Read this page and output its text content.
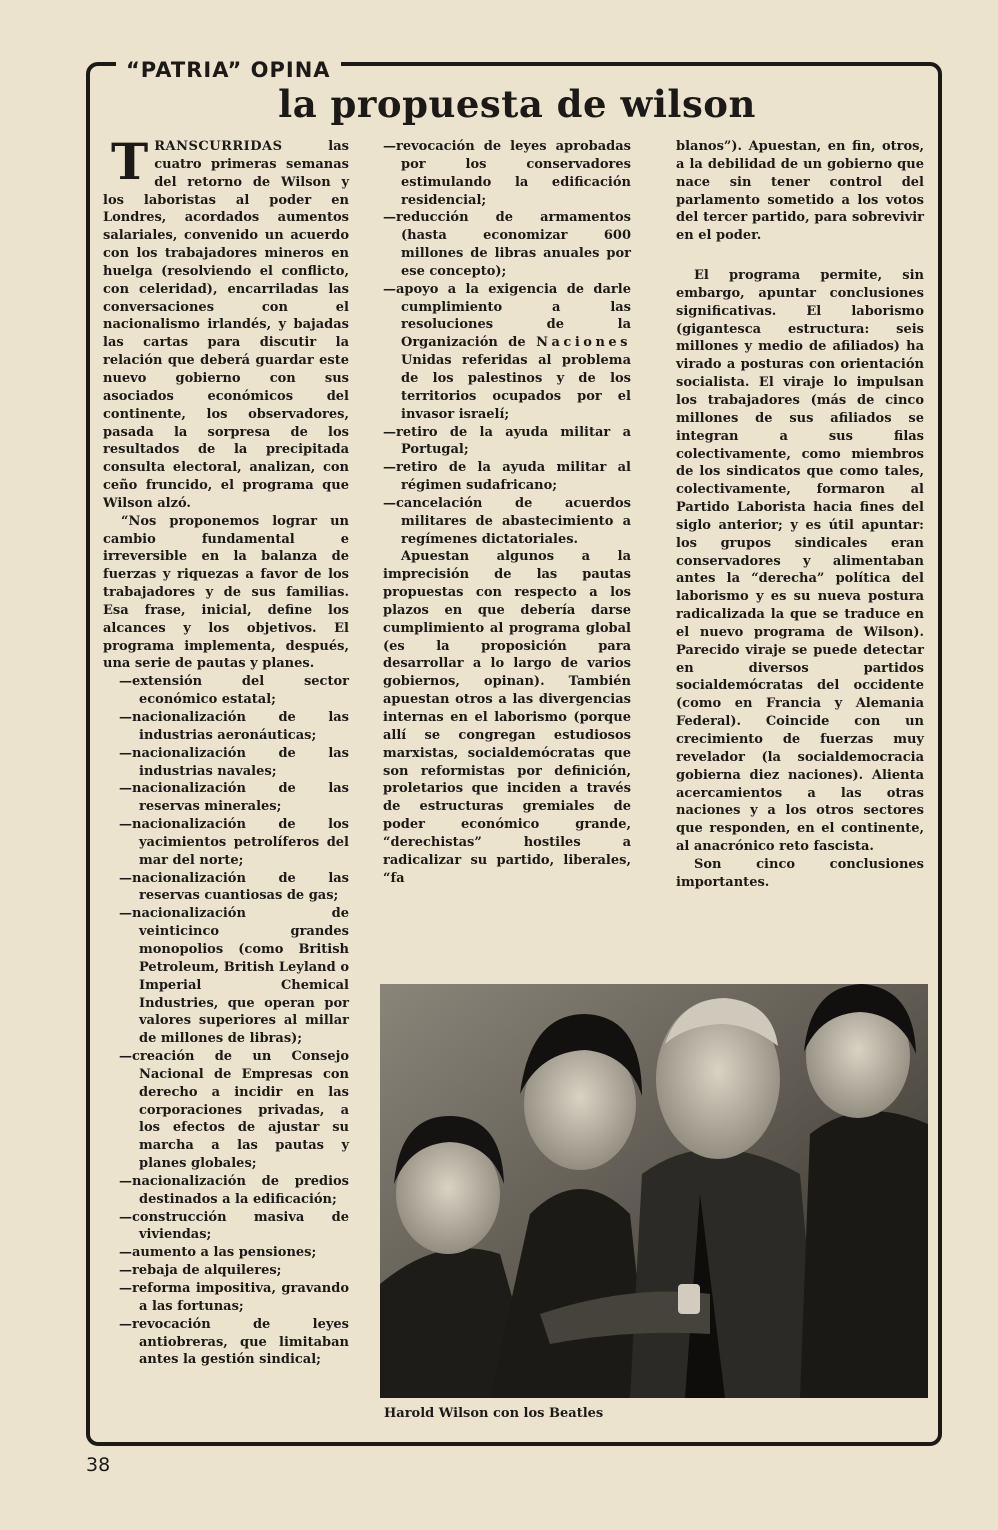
“PATRIA” OPINA
la propuesta de wilson

TRANSCURRIDAS las cuatro primeras semanas del retorno de Wilson y los laboristas al poder en Londres, acordados aumentos salariales, convenido un acuerdo con los trabajadores mineros en huelga (resolviendo el conflicto, con celeridad), encarriladas las conversaciones con el nacionalismo irlandés, y bajadas las cartas para discutir la relación que deberá guardar este nuevo gobierno con sus asociados económicos del continente, los observadores, pasada la sorpresa de los resultados de la precipitada consulta electoral, analizan, con ceño fruncido, el programa que Wilson alzó.

“Nos proponemos lograr un cambio fundamental e irreversible en la balanza de fuerzas y riquezas a favor de los trabajadores y de sus familias. Esa frase, inicial, define los alcances y los objetivos. El programa implementa, después, una serie de pautas y planes.

—extensión del sector económico estatal;
—nacionalización de las industrias aeronáuticas;
—nacionalización de las industrias navales;
—nacionalización de las reservas minerales;
—nacionalización de los yacimientos petrolíferos del mar del norte;
—nacionalización de las reservas cuantiosas de gas;
—nacionalización de veinticinco grandes monopolios (como British Petroleum, British Leyland o Imperial Chemical Industries, que operan por valores superiores al millar de millones de libras);
—creación de un Consejo Nacional de Empresas con derecho a incidir en las corporaciones privadas, a los efectos de ajustar su marcha a las pautas y planes globales;
—nacionalización de predios destinados a la edificación;
—construcción masiva de viviendas;
—aumento a las pensiones;
—rebaja de alquileres;
—reforma impositiva, gravando a las fortunas;
—revocación de leyes antiobreras, que limitaban antes la gestión sindical;
—revocación de leyes aprobadas por los conservadores estimulando la edificación residencial;
—reducción de armamentos (hasta economizar 600 millones de libras anuales por ese concepto);
—apoyo a la exigencia de darle cumplimiento a las resoluciones de la Organización de Naciones Unidas referidas al problema de los palestinos y de los territorios ocupados por el invasor israelí;
—retiro de la ayuda militar a Portugal;
—retiro de la ayuda militar al régimen sudafricano;
—cancelación de acuerdos militares de abastecimiento a regímenes dictatoriales.

Apuestan algunos a la imprecisión de las pautas propuestas con respecto a los plazos en que debería darse cumplimiento al programa global (es la proposición para desarrollar a lo largo de varios gobiernos, opinan). También apuestan otros a las divergencias internas en el laborismo (porque allí se congregan estudiosos marxistas, socialdemócratas que son reformistas por definición, proletarios que inciden a través de estructuras gremiales de poder económico grande, “derechistas” hostiles a radicalizar su partido, liberales, “fa

blanos”). Apuestan, en fin, otros, a la debilidad de un gobierno que nace sin tener control del parlamento sometido a los votos del tercer partido, para sobrevivir en el poder.

El programa permite, sin embargo, apuntar conclusiones significativas. El laborismo (gigantesca estructura: seis millones y medio de afiliados) ha virado a posturas con orientación socialista. El viraje lo impulsan los trabajadores (más de cinco millones de sus afiliados se integran a sus filas colectivamente, como miembros de los sindicatos que como tales, colectivamente, formaron al Partido Laborista hacia fines del siglo anterior; y es útil apuntar: los grupos sindicales eran conservadores y alimentaban antes la “derecha” política del laborismo y es su nueva postura radicalizada la que se traduce en el nuevo programa de Wilson). Parecido viraje se puede detectar en diversos partidos socialdemócratas del occidente (como en Francia y Alemania Federal). Coincide con un crecimiento de fuerzas muy revelador (la socialdemocracia gobierna diez naciones). Alienta acercamientos a las otras naciones y a los otros sectores que responden, en el continente, al anacrónico reto fascista.

Son cinco conclusiones importantes.

Harold Wilson con los Beatles
38
